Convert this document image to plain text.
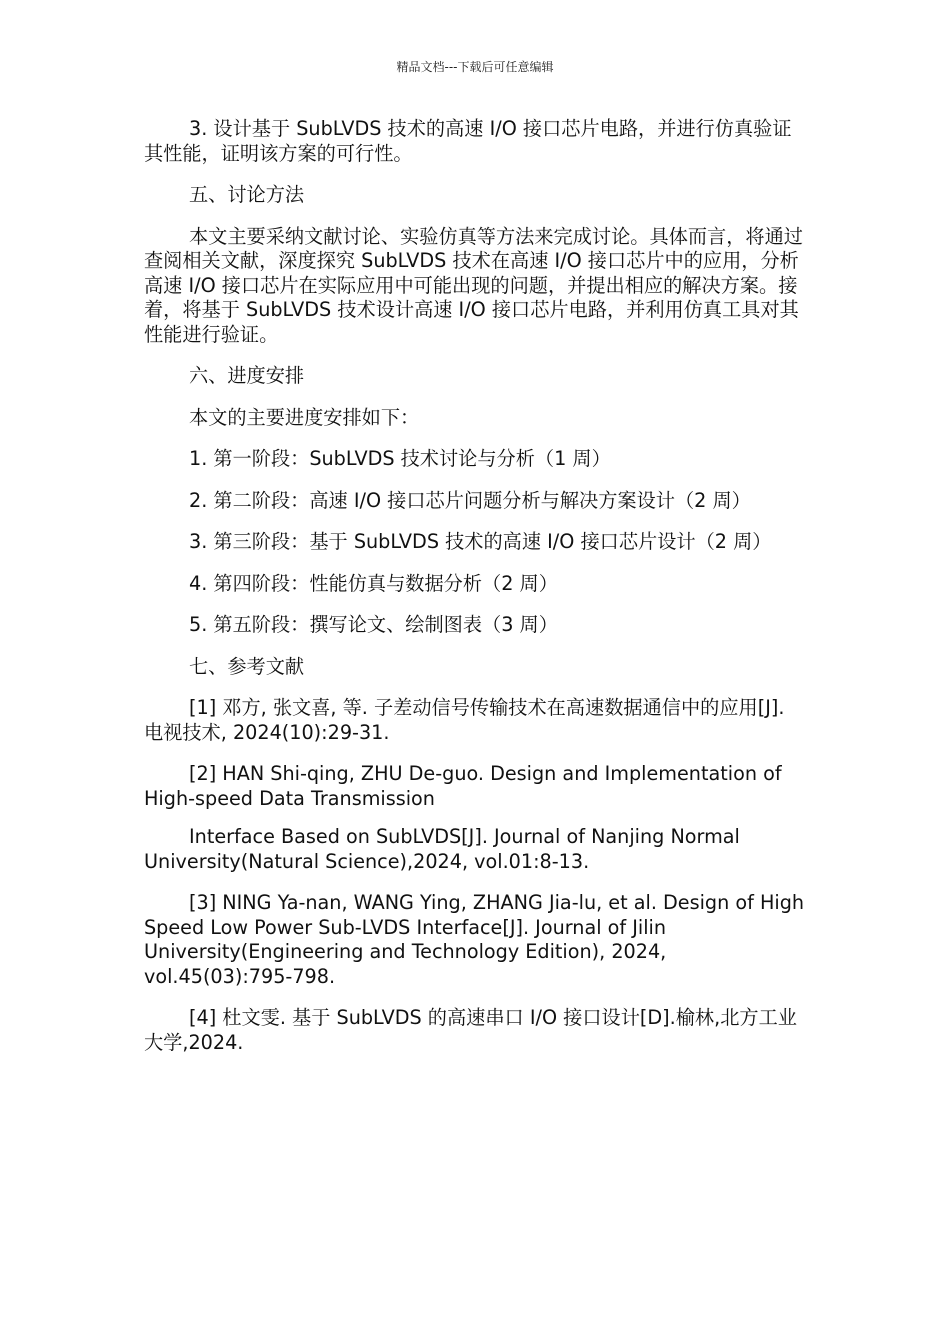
精品文档---下载后可任意编辑

3. 设计基于 SubLVDS 技术的高速 I/O 接口芯片电路，并进行仿真验证其性能，证明该方案的可行性。

五、讨论方法

本文主要采纳文献讨论、实验仿真等方法来完成讨论。具体而言，将通过查阅相关文献，深度探究 SubLVDS 技术在高速 I/O 接口芯片中的应用，分析高速 I/O 接口芯片在实际应用中可能出现的问题，并提出相应的解决方案。接着，将基于 SubLVDS 技术设计高速 I/O 接口芯片电路，并利用仿真工具对其性能进行验证。

六、进度安排

本文的主要进度安排如下：

1. 第一阶段：SubLVDS 技术讨论与分析（1 周）

2. 第二阶段：高速 I/O 接口芯片问题分析与解决方案设计（2 周）

3. 第三阶段：基于 SubLVDS 技术的高速 I/O 接口芯片设计（2 周）

4. 第四阶段：性能仿真与数据分析（2 周）

5. 第五阶段：撰写论文、绘制图表（3 周）

七、参考文献

[1] 邓方, 张文喜, 等. 子差动信号传输技术在高速数据通信中的应用[J]. 电视技术, 2024(10):29-31.

[2] HAN Shi-qing, ZHU De-guo. Design and Implementation of High-speed Data Transmission

Interface Based on SubLVDS[J]. Journal of Nanjing Normal University(Natural Science),2024, vol.01:8-13.

[3] NING Ya-nan, WANG Ying, ZHANG Jia-lu, et al. Design of High Speed Low Power Sub-LVDS Interface[J]. Journal of Jilin University(Engineering and Technology Edition), 2024, vol.45(03):795-798.

[4] 杜文雯. 基于 SubLVDS 的高速串口 I/O 接口设计[D].榆林,北方工业大学,2024.
